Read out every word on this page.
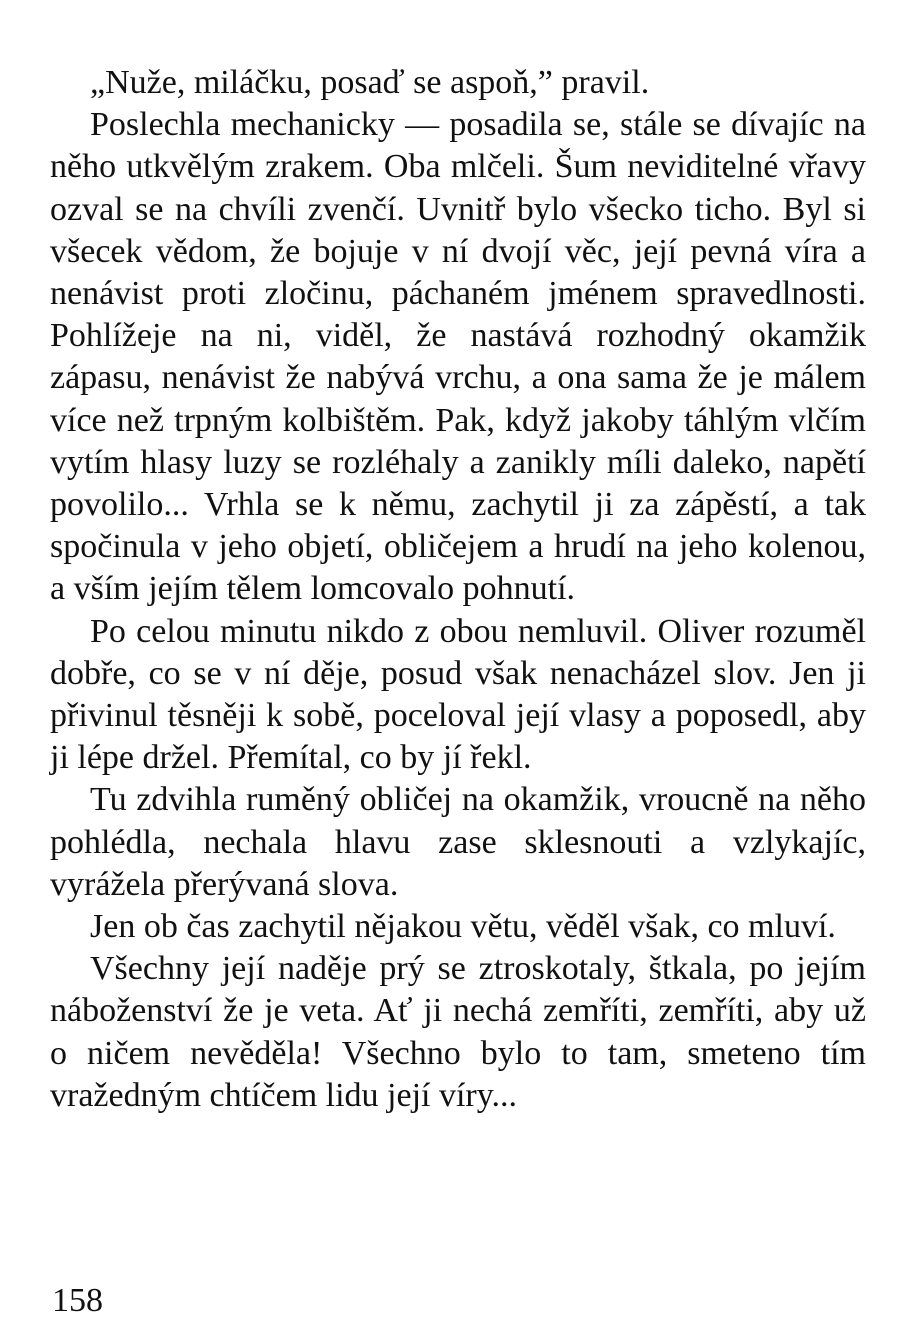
„Nuže, miláčku, posaď se aspoň,” pravil.

Poslechla mechanicky — posadila se, stále se dívajíc na něho utkvělým zrakem. Oba mlčeli. Šum neviditelné vřavy ozval se na chvíli zvenčí. Uvnitř bylo všecko ticho. Byl si všecek vědom, že bojuje v ní dvojí věc, její pevná víra a nenávist proti zločinu, páchaném jménem spravedlnosti. Pohlížeje na ni, viděl, že nastává rozhodný okamžik zápasu, nenávist že nabývá vrchu, a ona sama že je málem více než trpným kolbištěm. Pak, když jakoby táhlým vlčím vytím hlasy luzy se rozléhaly a zanikly míli daleko, napětí povolilo... Vrhla se k němu, zachytil ji za zápěstí, a tak spočinula v jeho objetí, obličejem a hrudí na jeho kolenou, a vším jejím tělem lomcovalo pohnutí.

Po celou minutu nikdo z obou nemluvil. Oliver rozuměl dobře, co se v ní děje, posud však nenacházel slov. Jen ji přivinul těsněji k sobě, poceloval její vlasy a poposedl, aby ji lépe držel. Přemítal, co by jí řekl.

Tu zdvihla ruměný obličej na okamžik, vroucně na něho pohlédla, nechala hlavu zase sklesnouti a vzlykajíc, vyrážela přerývaná slova.

Jen ob čas zachytil nějakou větu, věděl však, co mluví.

Všechny její naděje prý se ztroskotaly, štkala, po jejím náboženství že je veta. Ať ji nechá zemříti, zemříti, aby už o ničem nevěděla! Všechno bylo to tam, smeteno tím vražedným chtíčem lidu její víry...

158
